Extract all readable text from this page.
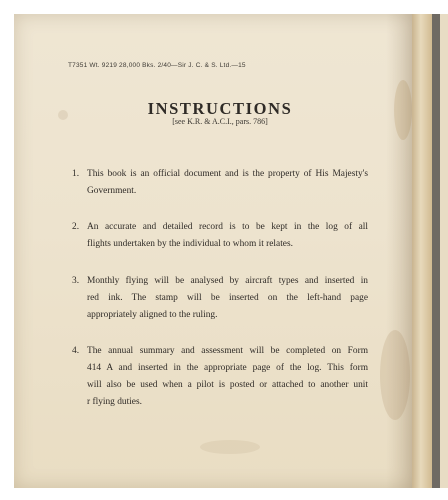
T7351 Wt. 9219 28,000 Bks. 2/40—Sir J. C. & S. Ltd.—15
INSTRUCTIONS
[see K.R. & A.C.I., pars. 786]
1. This book is an official document and is the property of His Majesty's
Government.
2. An accurate and detailed record is to be kept in the log of all
flights undertaken by the individual to whom it relates.
3. Monthly flying will be analysed by aircraft types and inserted in
red ink. The stamp will be inserted on the left-hand page
appropriately aligned to the ruling.
4. The annual summary and assessment will be completed on Form
414 A and inserted in the appropriate page of the log. This form
will also be used when a pilot is posted or attached to another unit
r flying duties.
